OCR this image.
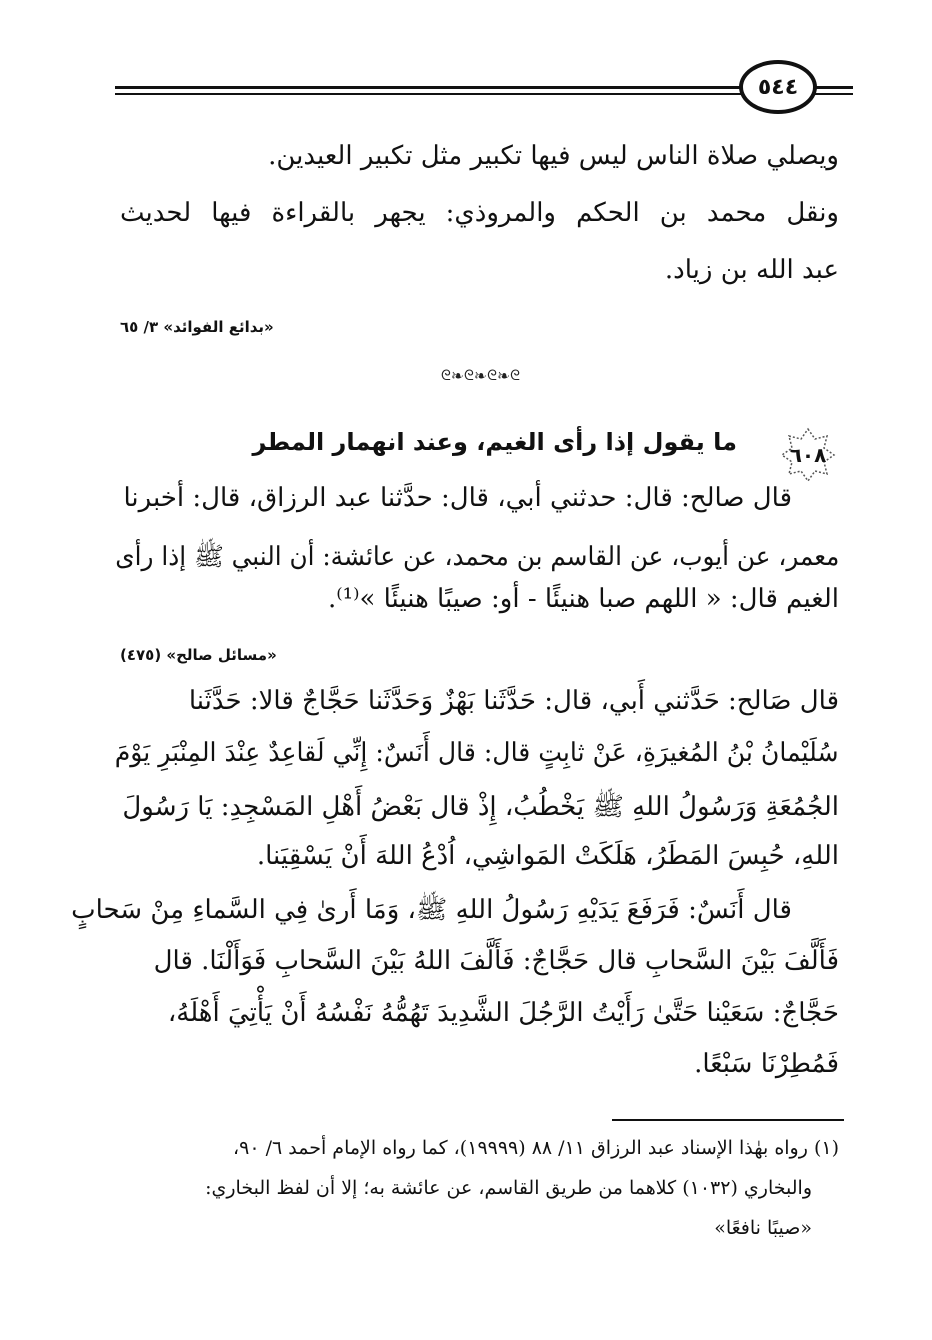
٥٤٤
ويصلي صلاة الناس ليس فيها تكبير مثل تكبير العيدين.
ونقل محمد بن الحكم والمروذي: يجهر بالقراءة فيها لحديث
عبد الله بن زياد.
«بدائع الفوائد» ٣/ ٦٥
ᘓ❧ᘓ❧ᘓ❧ᘓ
٦٠٨
ما يقول إذا رأى الغيم، وعند انهمار المطر
قال صالح: قال: حدثني أبي، قال: حدَّثنا عبد الرزاق، قال: أخبرنا
معمر، عن أيوب، عن القاسم بن محمد، عن عائشة: أن النبي ﷺ إذا رأى
الغيم قال: « اللهم صبا هنيئًا - أو: صيبًا هنيئًا »⁽¹⁾.
«مسائل صالح» (٤٧٥)
قال صَالح: حَدَّثني أَبي، قال: حَدَّثَنا بَهْزٌ وَحَدَّثَنا حَجَّاجٌ قالا: حَدَّثَنا
سُلَيْمانُ بْنُ المُغيرَةِ، عَنْ ثابِتٍ قال: قال أَنَسٌ: إِنِّي لَقاعِدٌ عِنْدَ المِنْبَرِ يَوْمَ
الجُمُعَةِ وَرَسُولُ اللهِ ﷺ يَخْطُبُ، إِذْ قال بَعْضُ أَهْلِ المَسْجِدِ: يَا رَسُولَ
اللهِ، حُبِسَ المَطَرُ، هَلَكَتْ المَواشِي، اُدْعُ اللهَ أَنْ يَسْقِيَنا.
قال أَنَسٌ: فَرَفَعَ يَدَيْهِ رَسُولُ اللهِ ﷺ، وَمَا أَرىٰ فِي السَّماءِ مِنْ سَحابٍ
فَأَلَّفَ بَيْنَ السَّحابِ قال حَجَّاجٌ: فَأَلَّفَ اللهُ بَيْنَ السَّحابِ فَوَأَلْنَا. قال
حَجَّاجٌ: سَعَيْنا حَتَّىٰ رَأَيْتُ الرَّجُلَ الشَّدِيدَ تَهُمُّهُ نَفْسُهُ أَنْ يَأْتِيَ أَهْلَهُ،
فَمُطِرْنَا سَبْعًا.
(١) رواه بهٰذا الإسناد عبد الرزاق ١١/ ٨٨ (١٩٩٩٩)، كما رواه الإمام أحمد ٦/ ٩٠،
والبخاري (١٠٣٢) كلاهما من طريق القاسم، عن عائشة به؛ إلا أن لفظ البخاري:
«صيبًا نافعًا»
